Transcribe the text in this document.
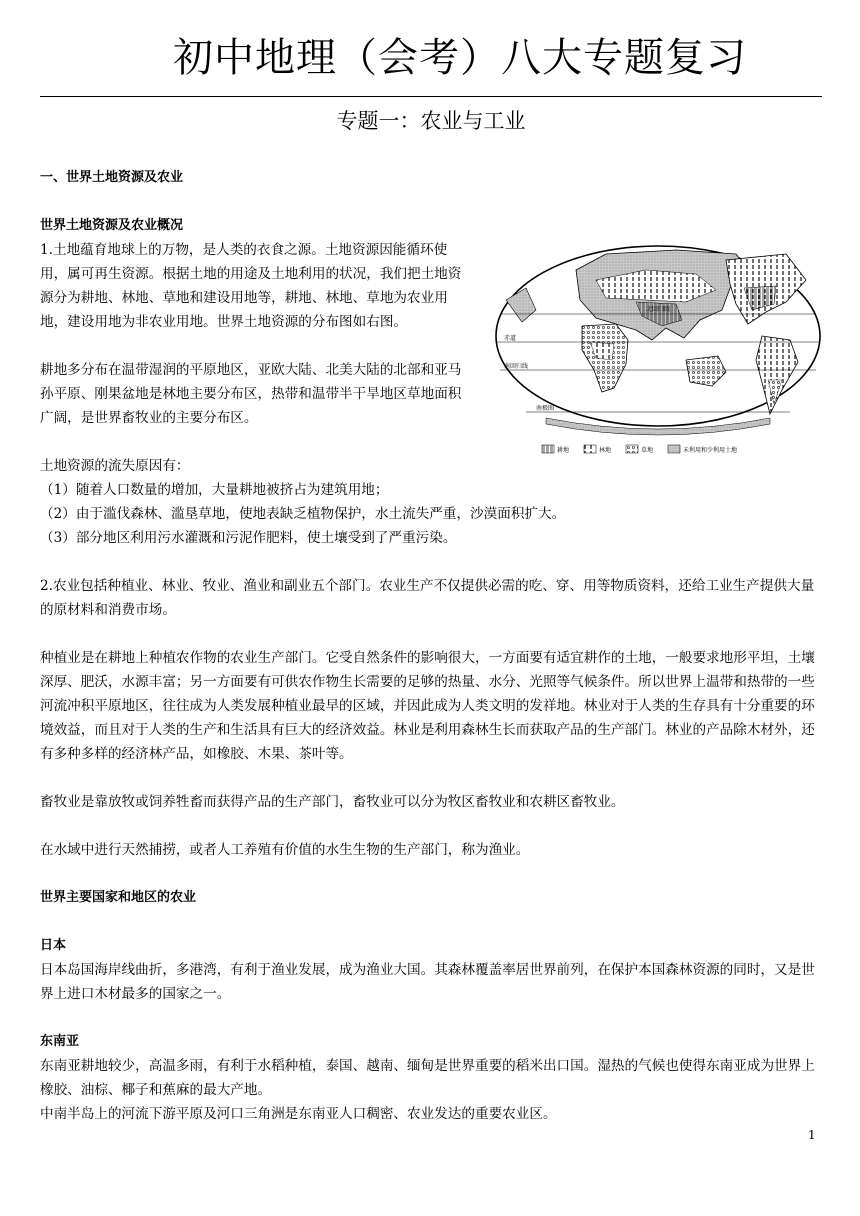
初中地理（会考）八大专题复习
专题一：农业与工业

一、世界土地资源及农业

世界土地资源及农业概况

1.土地蕴育地球上的万物，是人类的衣食之源。土地资源因能循环使用，属可再生资源。根据土地的用途及土地利用的状况，我们把土地资源分为耕地、林地、草地和建设用地等，耕地、林地、草地为农业用地，建设用地为非农业用地。世界土地资源的分布图如右图。

耕地多分布在温带湿润的平原地区，亚欧大陆、北美大陆的北部和亚马孙平原、刚果盆地是林地主要分布区，热带和温带半干旱地区草地面积广阔，是世界畜牧业的主要分布区。

北回归线
赤道
南回归线
南极圈
耕地	林地	草地	未利用和少利用土地

土地资源的流失原因有：

（1）随着人口数量的增加，大量耕地被挤占为建筑用地；

（2）由于滥伐森林、滥垦草地，使地表缺乏植物保护，水土流失严重，沙漠面积扩大。

（3）部分地区利用污水灌溉和污泥作肥料，使土壤受到了严重污染。

2.农业包括种植业、林业、牧业、渔业和副业五个部门。农业生产不仅提供必需的吃、穿、用等物质资料，还给工业生产提供大量的原材料和消费市场。

种植业是在耕地上种植农作物的农业生产部门。它受自然条件的影响很大，一方面要有适宜耕作的土地，一般要求地形平坦，土壤深厚、肥沃，水源丰富；另一方面要有可供农作物生长需要的足够的热量、水分、光照等气候条件。所以世界上温带和热带的一些河流冲积平原地区，往往成为人类发展种植业最早的区域，并因此成为人类文明的发祥地。林业对于人类的生存具有十分重要的环境效益，而且对于人类的生产和生活具有巨大的经济效益。林业是利用森林生长而获取产品的生产部门。林业的产品除木材外，还有多种多样的经济林产品，如橡胶、木果、茶叶等。

畜牧业是靠放牧或饲养牲畜而获得产品的生产部门，畜牧业可以分为牧区畜牧业和农耕区畜牧业。

在水域中进行天然捕捞，或者人工养殖有价值的水生生物的生产部门，称为渔业。

世界主要国家和地区的农业

日本

日本岛国海岸线曲折，多港湾，有利于渔业发展，成为渔业大国。其森林覆盖率居世界前列，在保护本国森林资源的同时，又是世界上进口木材最多的国家之一。

东南亚

东南亚耕地较少，高温多雨，有利于水稻种植，泰国、越南、缅甸是世界重要的稻米出口国。湿热的气候也使得东南亚成为世界上橡胶、油棕、椰子和蕉麻的最大产地。

中南半岛上的河流下游平原及河口三角洲是东南亚人口稠密、农业发达的重要农业区。

1
